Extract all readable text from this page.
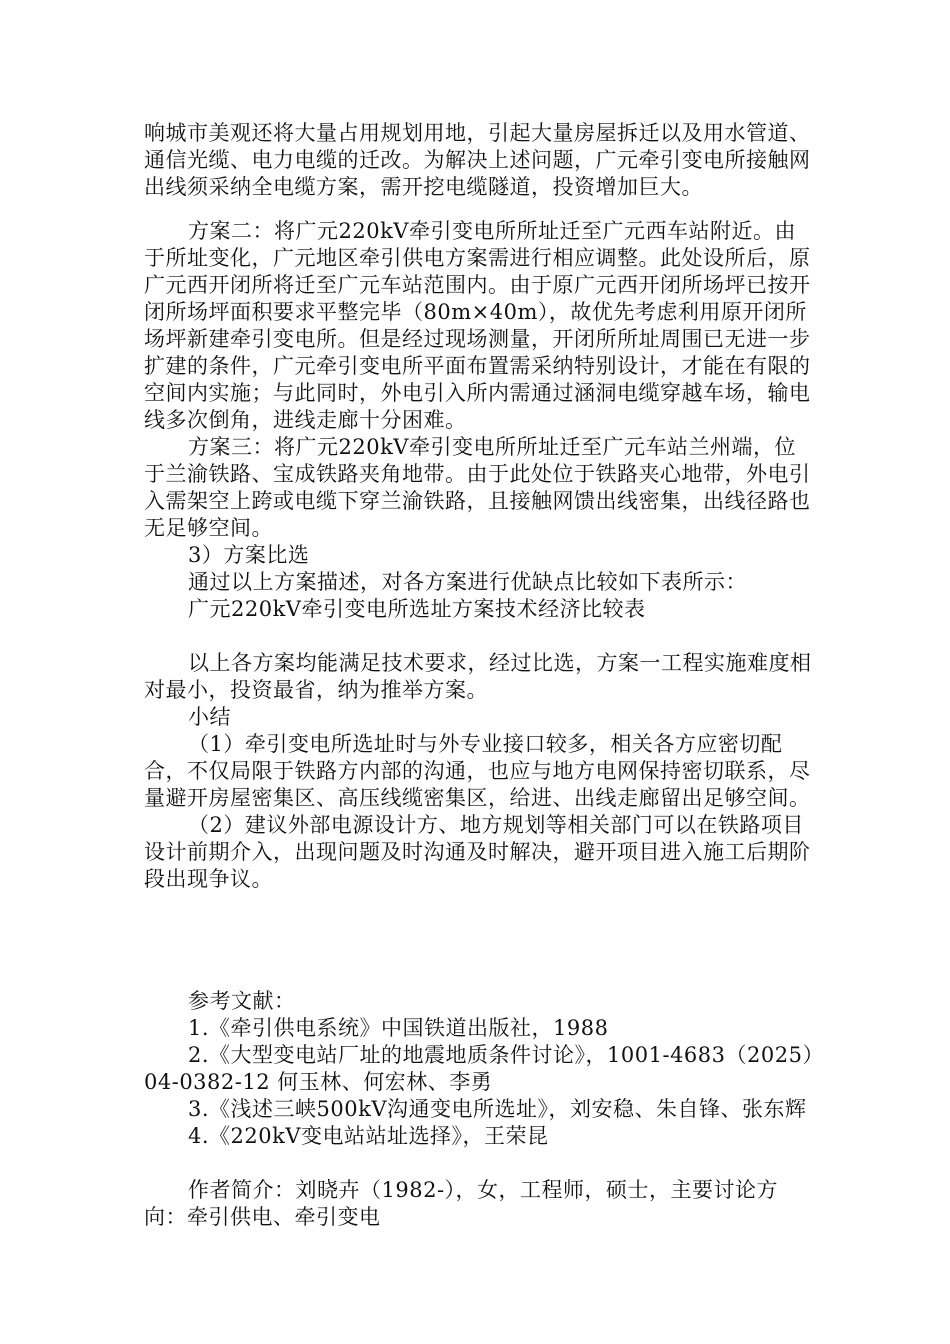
响城市美观还将大量占用规划用地，引起大量房屋拆迁以及用水管道、通信光缆、电力电缆的迁改。为解决上述问题，广元牵引变电所接触网出线须采纳全电缆方案，需开挖电缆隧道，投资增加巨大。

方案二：将广元220kV牵引变电所所址迁至广元西车站附近。由于所址变化，广元地区牵引供电方案需进行相应调整。此处设所后，原广元西开闭所将迁至广元车站范围内。由于原广元西开闭所场坪已按开闭所场坪面积要求平整完毕（80m×40m），故优先考虑利用原开闭所场坪新建牵引变电所。但是经过现场测量，开闭所所址周围已无进一步扩建的条件，广元牵引变电所平面布置需采纳特别设计，才能在有限的空间内实施；与此同时，外电引入所内需通过涵洞电缆穿越车场，输电线多次倒角，进线走廊十分困难。

方案三：将广元220kV牵引变电所所址迁至广元车站兰州端，位于兰渝铁路、宝成铁路夹角地带。由于此处位于铁路夹心地带，外电引入需架空上跨或电缆下穿兰渝铁路，且接触网馈出线密集，出线径路也无足够空间。

3）方案比选

通过以上方案描述，对各方案进行优缺点比较如下表所示：

广元220kV牵引变电所选址方案技术经济比较表

以上各方案均能满足技术要求，经过比选，方案一工程实施难度相对最小，投资最省，纳为推举方案。

小结

（1）牵引变电所选址时与外专业接口较多，相关各方应密切配合，不仅局限于铁路方内部的沟通，也应与地方电网保持密切联系，尽量避开房屋密集区、高压线缆密集区，给进、出线走廊留出足够空间。

（2）建议外部电源设计方、地方规划等相关部门可以在铁路项目设计前期介入，出现问题及时沟通及时解决，避开项目进入施工后期阶段出现争议。

参考文献：

1.《牵引供电系统》中国铁道出版社，1988

2.《大型变电站厂址的地震地质条件讨论》，1001-4683（2025）04-0382-12 何玉林、何宏林、李勇

3.《浅述三峡500kV沟通变电所选址》，刘安稳、朱自锋、张东辉

4.《220kV变电站站址选择》，王荣昆

作者简介：刘晓卉（1982-），女，工程师，硕士，主要讨论方向：牵引供电、牵引变电
